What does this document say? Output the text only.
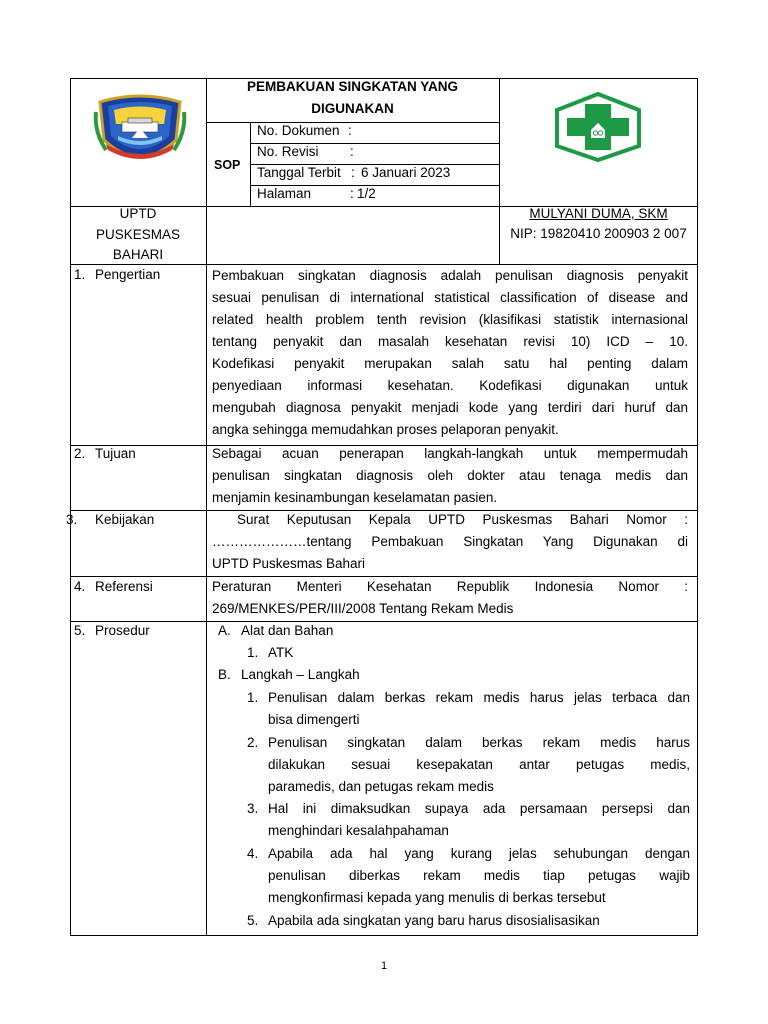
PEMBAKUAN SINGKATAN YANG
DIGUNAKAN
SOP
No. Dokumen :
No. Revisi :
Tanggal Terbit : 6 Januari 2023
Halaman	: 1/2
UPTD
PUSKESMAS
BAHARI
MULYANI DUMA, SKM
NIP: 19820410 200903 2 007
1. Pengertian	Pembakuan singkatan diagnosis adalah penulisan diagnosis penyakit
sesuai penulisan di international statistical classification of disease and
related health problem tenth revision (klasifikasi statistik internasional
tentang penyakit dan masalah kesehatan revisi 10) ICD – 10.
Kodefikasi penyakit merupakan salah satu hal penting dalam
penyediaan informasi kesehatan. Kodefikasi digunakan untuk
mengubah diagnosa penyakit menjadi kode yang terdiri dari huruf dan
angka sehingga memudahkan proses pelaporan penyakit.
2. Tujuan	Sebagai acuan penerapan langkah-langkah untuk mempermudah
penulisan singkatan diagnosis oleh dokter atau tenaga medis dan
menjamin kesinambungan keselamatan pasien.
3. Kebijakan	Surat Keputusan Kepala UPTD Puskesmas Bahari Nomor :
…………………tentang Pembakuan Singkatan Yang Digunakan di
UPTD Puskesmas Bahari
4. Referensi	Peraturan Menteri Kesehatan Republik Indonesia Nomor :
269/MENKES/PER/III/2008 Tentang Rekam Medis
5. Prosedur	A. Alat dan Bahan
1. ATK
B. Langkah – Langkah
1. Penulisan dalam berkas rekam medis harus jelas terbaca dan
bisa dimengerti
2. Penulisan singkatan dalam berkas rekam medis harus
dilakukan sesuai kesepakatan antar petugas medis,
paramedis, dan petugas rekam medis
3. Hal ini dimaksudkan supaya ada persamaan persepsi dan
menghindari kesalahpahaman
4. Apabila ada hal yang kurang jelas sehubungan dengan
penulisan diberkas rekam medis tiap petugas wajib
mengkonfirmasi kepada yang menulis di berkas tersebut
5. Apabila ada singkatan yang baru harus disosialisasikan
1
